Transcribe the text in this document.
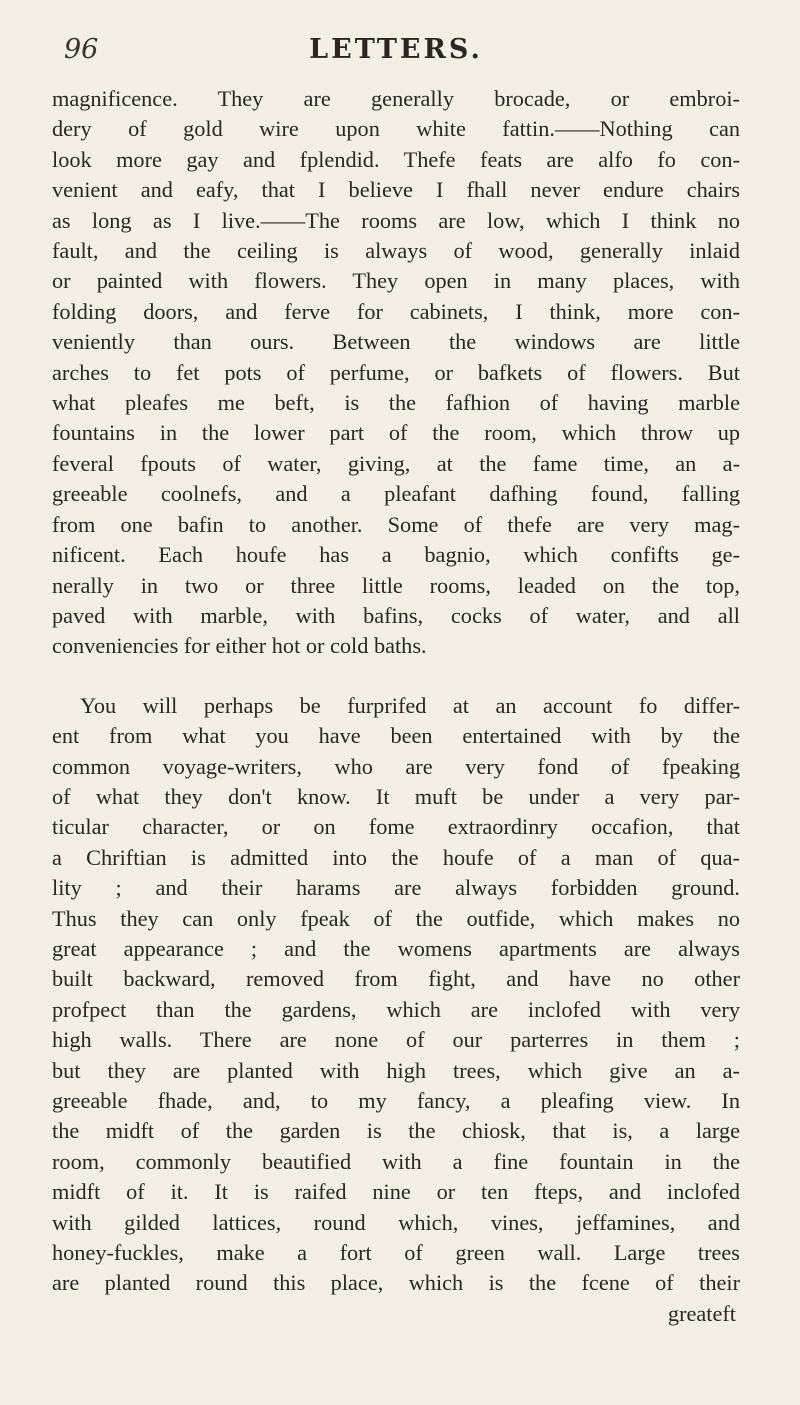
96	LETTERS.
magnificence. They are generally brocade, or embroi-
dery of gold wire upon white fattin.——Nothing can
look more gay and fplendid. Thefe feats are alfo fo con-
venient and eafy, that I believe I fhall never endure chairs
as long as I live.——The rooms are low, which I think no
fault, and the ceiling is always of wood, generally inlaid
or painted with flowers. They open in many places, with
folding doors, and ferve for cabinets, I think, more con-
veniently than ours. Between the windows are little
arches to fet pots of perfume, or bafkets of flowers. But
what pleafes me beft, is the fafhion of having marble
fountains in the lower part of the room, which throw up
feveral fpouts of water, giving, at the fame time, an a-
greeable coolnefs, and a pleafant dafhing found, falling
from one bafin to another. Some of thefe are very mag-
nificent. Each houfe has a bagnio, which confifts ge-
nerally in two or three little rooms, leaded on the top,
paved with marble, with bafins, cocks of water, and all
conveniencies for either hot or cold baths.
You will perhaps be furprifed at an account fo differ-
ent from what you have been entertained with by the
common voyage-writers, who are very fond of fpeaking
of what they don't know. It muft be under a very par-
ticular character, or on fome extraordinry occafion, that
a Chriftian is admitted into the houfe of a man of qua-
lity ; and their harams are always forbidden ground.
Thus they can only fpeak of the outfide, which makes no
great appearance ; and the womens apartments are always
built backward, removed from fight, and have no other
profpect than the gardens, which are inclofed with very
high walls. There are none of our parterres in them ;
but they are planted with high trees, which give an a-
greeable fhade, and, to my fancy, a pleafing view. In
the midft of the garden is the chiosk, that is, a large
room, commonly beautified with a fine fountain in the
midft of it. It is raifed nine or ten fteps, and inclofed
with gilded lattices, round which, vines, jeffamines, and
honey-fuckles, make a fort of green wall. Large trees
are planted round this place, which is the fcene of their
greateft
